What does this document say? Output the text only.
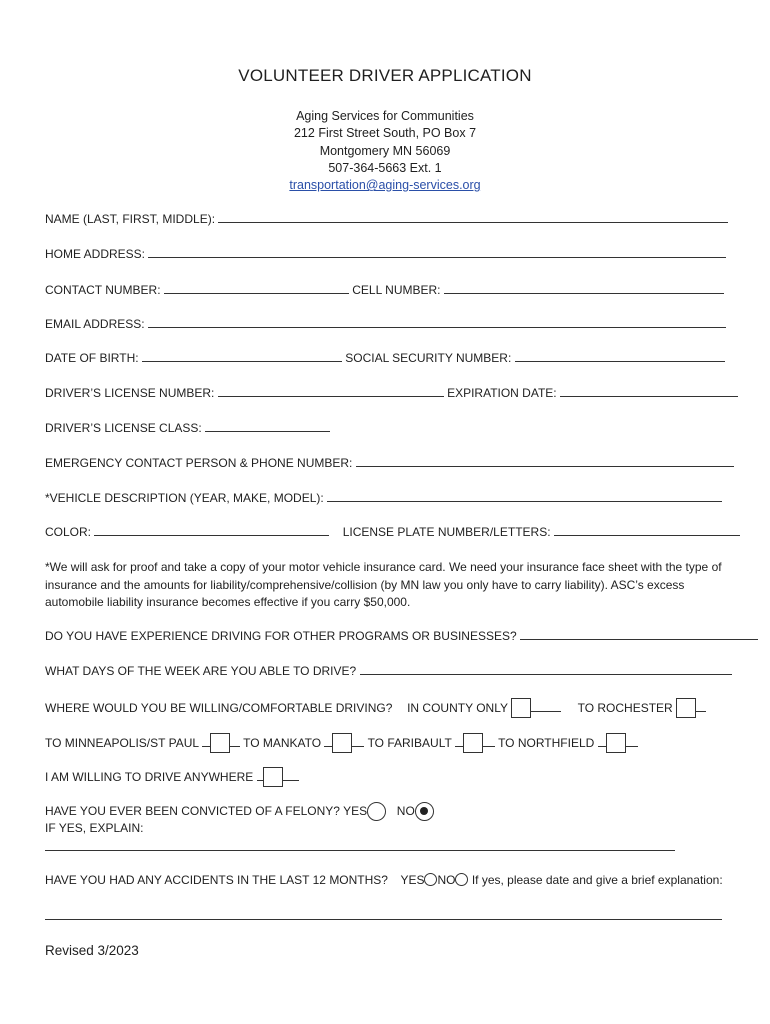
VOLUNTEER DRIVER APPLICATION
Aging Services for Communities
212 First Street South, PO Box 7
Montgomery MN 56069
507-364-5663 Ext. 1
transportation@aging-services.org
NAME (LAST, FIRST, MIDDLE):
HOME ADDRESS:
CONTACT NUMBER:	CELL NUMBER:
EMAIL ADDRESS:
DATE OF BIRTH:	SOCIAL SECURITY NUMBER:
DRIVER’S LICENSE NUMBER:	EXPIRATION DATE:
DRIVER’S LICENSE CLASS:
EMERGENCY CONTACT PERSON & PHONE NUMBER:
*VEHICLE DESCRIPTION (YEAR, MAKE, MODEL):
COLOR:	LICENSE PLATE NUMBER/LETTERS:
*We will ask for proof and take a copy of your motor vehicle insurance card. We need your insurance face sheet with the type of insurance and the amounts for liability/comprehensive/collision (by MN law you only have to carry liability). ASC’s excess automobile liability insurance becomes effective if you carry $50,000.
DO YOU HAVE EXPERIENCE DRIVING FOR OTHER PROGRAMS OR BUSINESSES?
WHAT DAYS OF THE WEEK ARE YOU ABLE TO DRIVE?
WHERE WOULD YOU BE WILLING/COMFORTABLE DRIVING? IN COUNTY ONLY	TO ROCHESTER
TO MINNEAPOLIS/ST PAUL	TO MANKATO	TO FARIBAULT	TO NORTHFIELD
I AM WILLING TO DRIVE ANYWHERE
HAVE YOU EVER BEEN CONVICTED OF A FELONY? YES NO
IF YES, EXPLAIN:
HAVE YOU HAD ANY ACCIDENTS IN THE LAST 12 MONTHS? YES NO If yes, please date and give a brief explanation:
Revised 3/2023
